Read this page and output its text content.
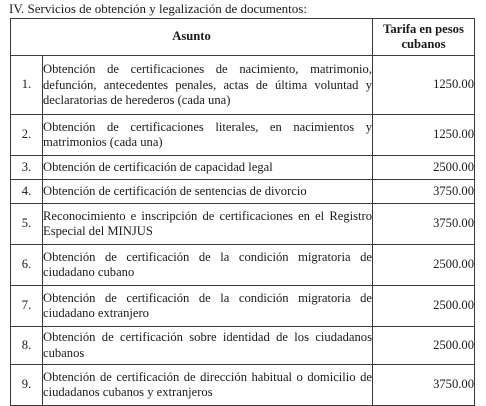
IV. Servicios de obtención y legalización de documentos:
Asunto		Tarifa en pesos
cubanos
1.	Obtención de certificaciones de nacimiento, matrimonio, defunción, antecedentes penales, actas de última voluntad y declaratorias de herederos (cada una)	1250.00
2.	Obtención de certificaciones literales, en nacimientos y matrimonios (cada una)	1250.00
3.	Obtención de certificación de capacidad legal	2500.00
4.	Obtención de certificación de sentencias de divorcio	3750.00
5.	Reconocimiento e inscripción de certificaciones en el Registro Especial del MINJUS	3750.00
6.	Obtención de certificación de la condición migratoria de ciudadano cubano	2500.00
7.	Obtención de certificación de la condición migratoria de ciudadano extranjero	2500.00
8.	Obtención de certificación sobre identidad de los ciudadanos cubanos	2500.00
9.	Obtención de certificación de dirección habitual o domicilio de ciudadanos cubanos y extranjeros	3750.00
